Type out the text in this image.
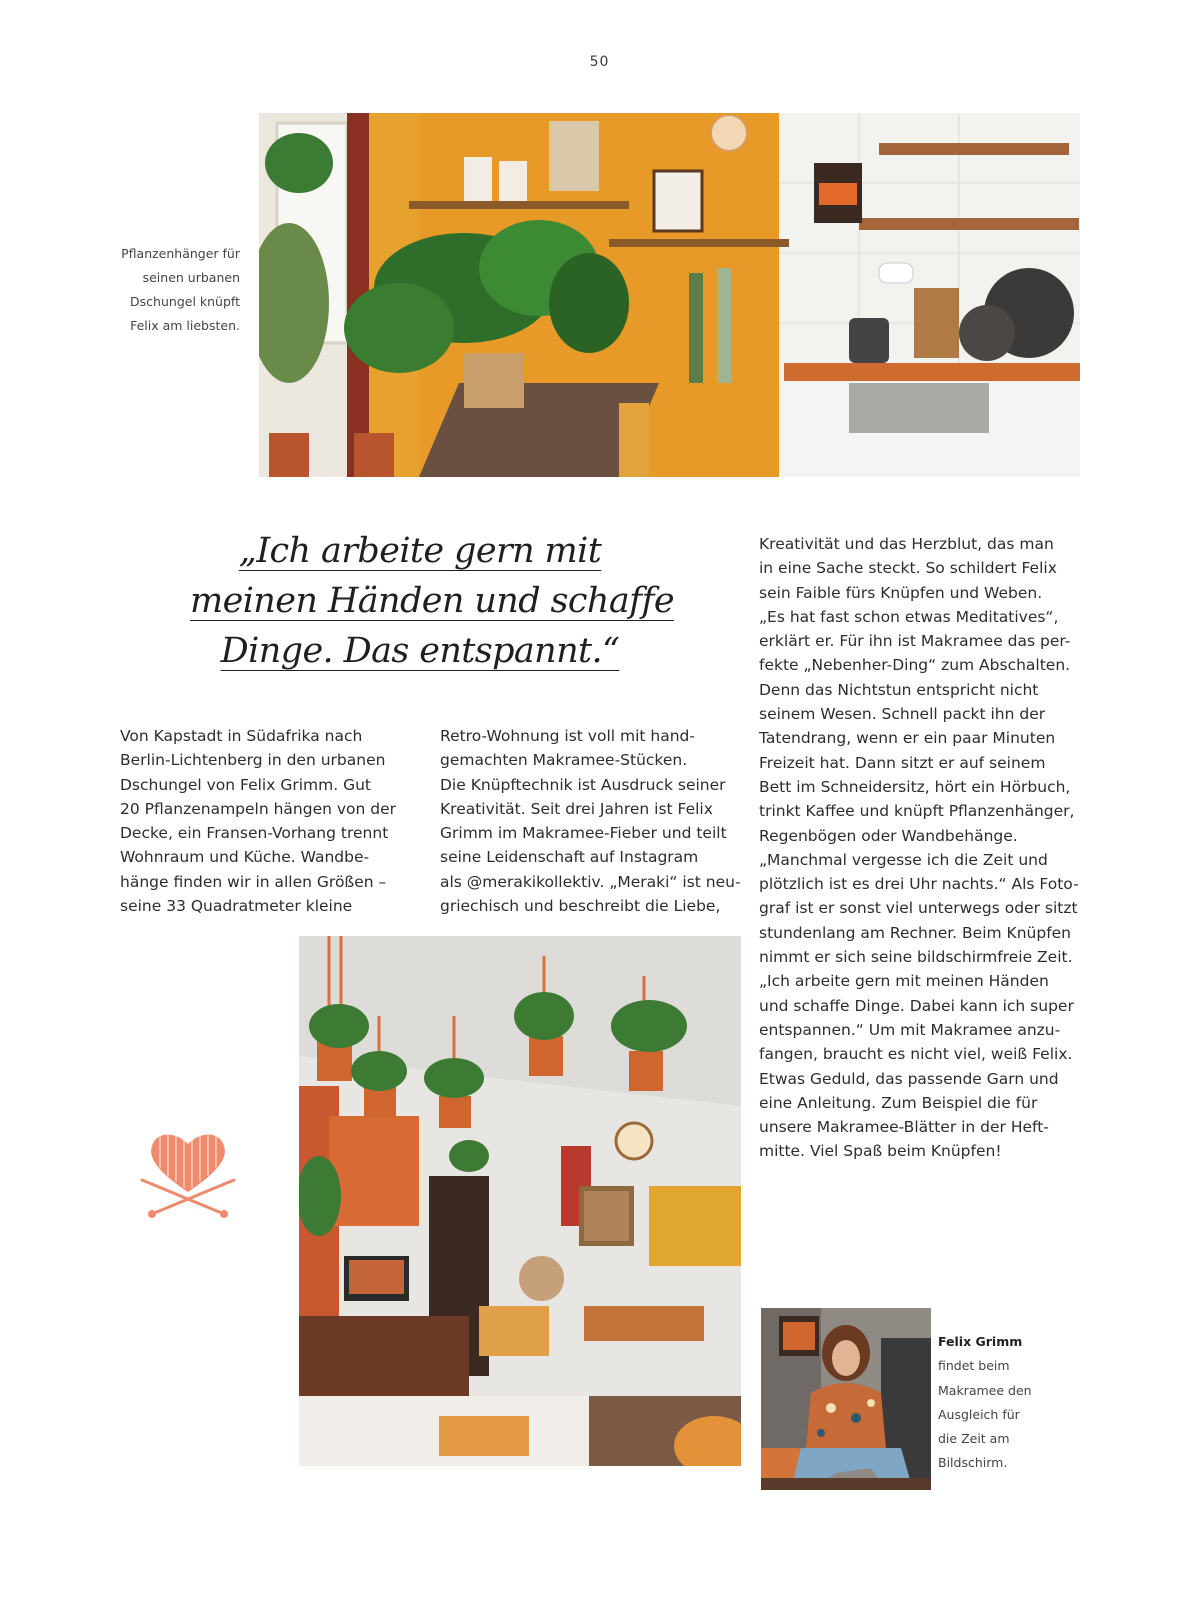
50
Pflanzenhänger für
seinen urbanen
Dschungel knüpft
Felix am liebsten.
„Ich arbeite gern mit
meinen Händen und schaffe
Dinge. Das entspannt.“
Von Kapstadt in Südafrika nach
Berlin-Lichtenberg in den urbanen
Dschungel von Felix Grimm. Gut
20 Pflanzenampeln hängen von der
Decke, ein Fransen-Vorhang trennt
Wohnraum und Küche. Wandbe-
hänge finden wir in allen Größen –
seine 33 Quadratmeter kleine
Retro-Wohnung ist voll mit hand-
gemachten Makramee-Stücken.
Die Knüpftechnik ist Ausdruck seiner
Kreativität. Seit drei Jahren ist Felix
Grimm im Makramee-Fieber und teilt
seine Leidenschaft auf Instagram
als @merakikollektiv. „Meraki“ ist neu-
griechisch und beschreibt die Liebe,
Kreativität und das Herzblut, das man
in eine Sache steckt. So schildert Felix
sein Faible fürs Knüpfen und Weben.
„Es hat fast schon etwas Meditatives“,
erklärt er. Für ihn ist Makramee das per-
fekte „Nebenher-Ding“ zum Abschalten.
Denn das Nichtstun entspricht nicht
seinem Wesen. Schnell packt ihn der
Tatendrang, wenn er ein paar Minuten
Freizeit hat. Dann sitzt er auf seinem
Bett im Schneidersitz, hört ein Hörbuch,
trinkt Kaffee und knüpft Pflanzenhänger,
Regenbögen oder Wandbehänge.
„Manchmal vergesse ich die Zeit und
plötzlich ist es drei Uhr nachts.“ Als Foto-
graf ist er sonst viel unterwegs oder sitzt
stundenlang am Rechner. Beim Knüpfen
nimmt er sich seine bildschirmfreie Zeit.
„Ich arbeite gern mit meinen Händen
und schaffe Dinge. Dabei kann ich super
entspannen.“ Um mit Makramee anzu-
fangen, braucht es nicht viel, weiß Felix.
Etwas Geduld, das passende Garn und
eine Anleitung. Zum Beispiel die für
unsere Makramee-Blätter in der Heft-
mitte. Viel Spaß beim Knüpfen!
Felix Grimm
findet beim
Makramee den
Ausgleich für
die Zeit am
Bildschirm.
